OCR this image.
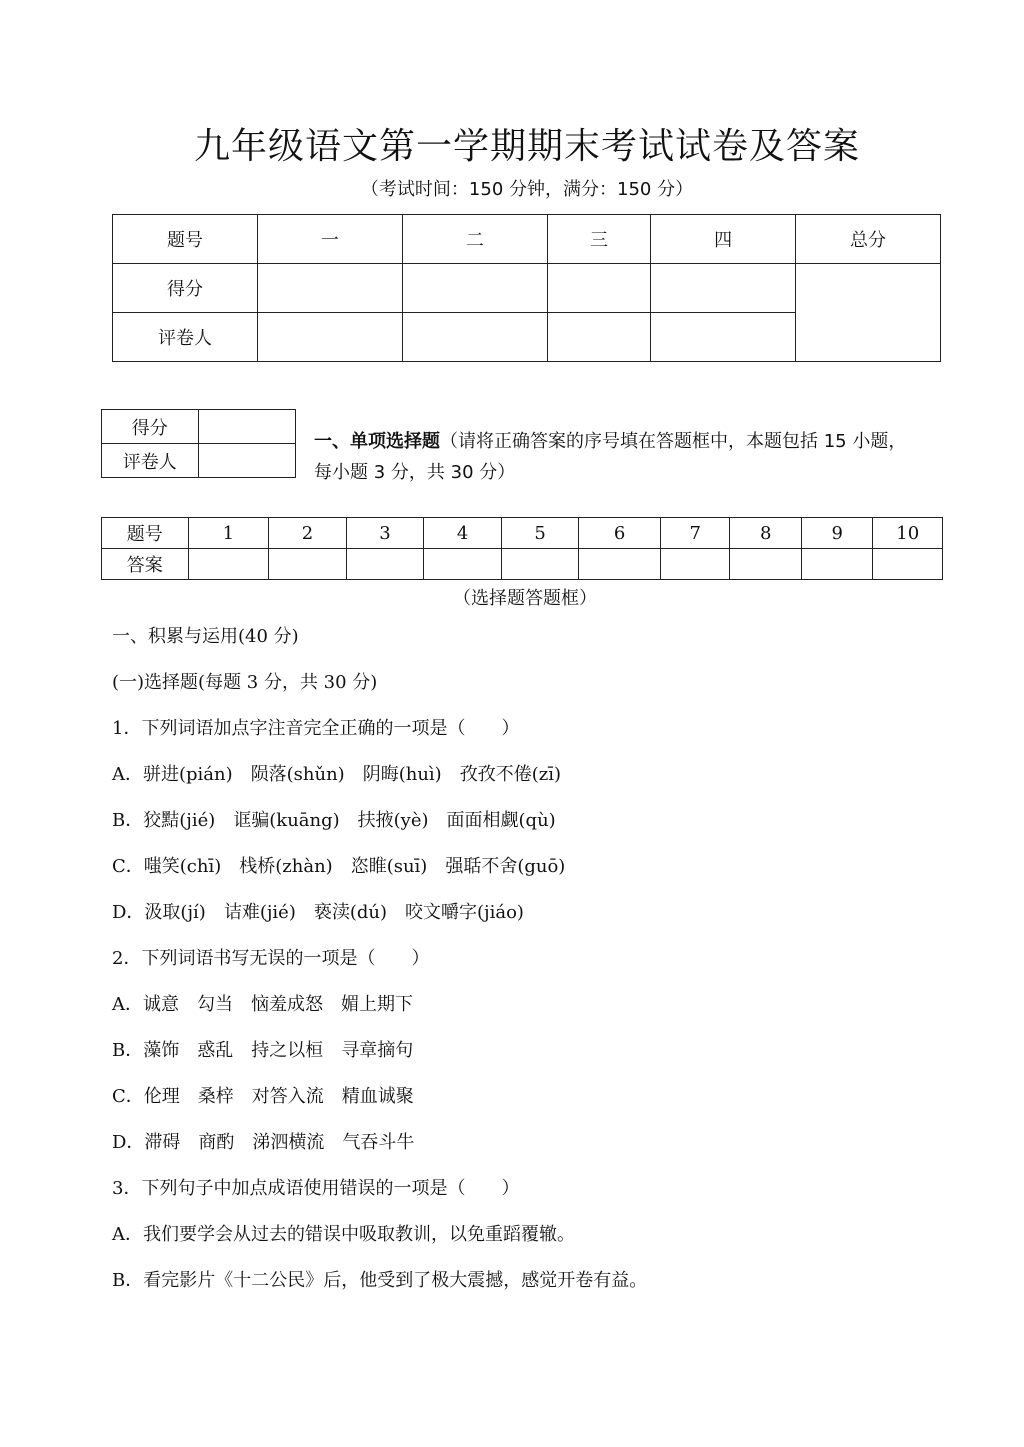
九年级语文第一学期期末考试试卷及答案
（考试时间：150 分钟，满分：150 分）
题号	一	二	三	四	总分
得分					
评卷人					
得分	
评卷人	
一、单项选择题（请将正确答案的序号填在答题框中，本题包括 15 小题，每小题 3 分，共 30 分）
题号	1	2	3	4	5	6	7	8	9	10
答案										
（选择题答题框）
一、积累与运用(40 分)
(一)选择题(每题 3 分，共 30 分)
1．下列词语加点字注音完全正确的一项是（　　）
A．骈进(pián)　陨落(shǔn)　阴晦(huì)　孜孜不倦(zī)
B．狡黠(jié)　诓骗(kuāng)　扶掖(yè)　面面相觑(qù)
C．嗤笑(chī)　栈桥(zhàn)　恣睢(suī)　强聒不舍(guō)
D．汲取(jí)　诘难(jié)　亵渎(dú)　咬文嚼字(jiáo)
2．下列词语书写无误的一项是（　　）
A．诚意　勾当　恼羞成怒　媚上期下
B．藻饰　惑乱　持之以桓　寻章摘句
C．伦理　桑梓　对答入流　精血诚聚
D．滞碍　商酌　涕泗横流　气吞斗牛
3．下列句子中加点成语使用错误的一项是（　　）
A．我们要学会从过去的错误中吸取教训，以免重蹈覆辙。
B．看完影片《十二公民》后，他受到了极大震撼，感觉开卷有益。
